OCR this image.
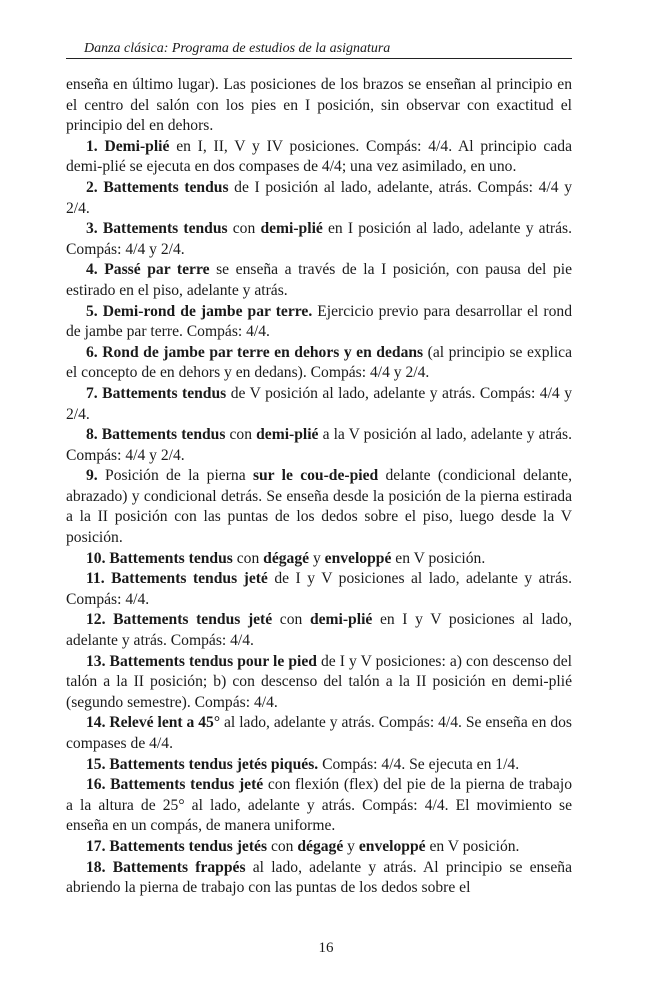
Danza clásica: Programa de estudios de la asignatura

enseña en último lugar). Las posiciones de los brazos se enseñan al principio en el centro del salón con los pies en I posición, sin observar con exactitud el principio del en dehors.

1. Demi-plié en I, II, V y IV posiciones. Compás: 4/4. Al principio cada demi-plié se ejecuta en dos compases de 4/4; una vez asimilado, en uno.

2. Battements tendus de I posición al lado, adelante, atrás. Compás: 4/4 y 2/4.

3. Battements tendus con demi-plié en I posición al lado, adelante y atrás. Compás: 4/4 y 2/4.

4. Passé par terre se enseña a través de la I posición, con pausa del pie estirado en el piso, adelante y atrás.

5. Demi-rond de jambe par terre. Ejercicio previo para desarrollar el rond de jambe par terre. Compás: 4/4.

6. Rond de jambe par terre en dehors y en dedans (al principio se explica el concepto de en dehors y en dedans). Compás: 4/4 y 2/4.

7. Battements tendus de V posición al lado, adelante y atrás. Compás: 4/4 y 2/4.

8. Battements tendus con demi-plié a la V posición al lado, adelante y atrás. Compás: 4/4 y 2/4.

9. Posición de la pierna sur le cou-de-pied delante (condicional delante, abrazado) y condicional detrás. Se enseña desde la posición de la pierna estirada a la II posición con las puntas de los dedos sobre el piso, luego desde la V posición.

10. Battements tendus con dégagé y enveloppé en V posición.

11. Battements tendus jeté de I y V posiciones al lado, adelante y atrás. Compás: 4/4.

12. Battements tendus jeté con demi-plié en I y V posiciones al lado, adelante y atrás. Compás: 4/4.

13. Battements tendus pour le pied de I y V posiciones: a) con descenso del talón a la II posición; b) con descenso del talón a la II posición en demi-plié (segundo semestre). Compás: 4/4.

14. Relevé lent a 45° al lado, adelante y atrás. Compás: 4/4. Se enseña en dos compases de 4/4.

15. Battements tendus jetés piqués. Compás: 4/4. Se ejecuta en 1/4.

16. Battements tendus jeté con flexión (flex) del pie de la pierna de trabajo a la altura de 25° al lado, adelante y atrás. Compás: 4/4. El movimiento se enseña en un compás, de manera uniforme.

17. Battements tendus jetés con dégagé y enveloppé en V posición.

18. Battements frappés al lado, adelante y atrás. Al principio se enseña abriendo la pierna de trabajo con las puntas de los dedos sobre el

16
